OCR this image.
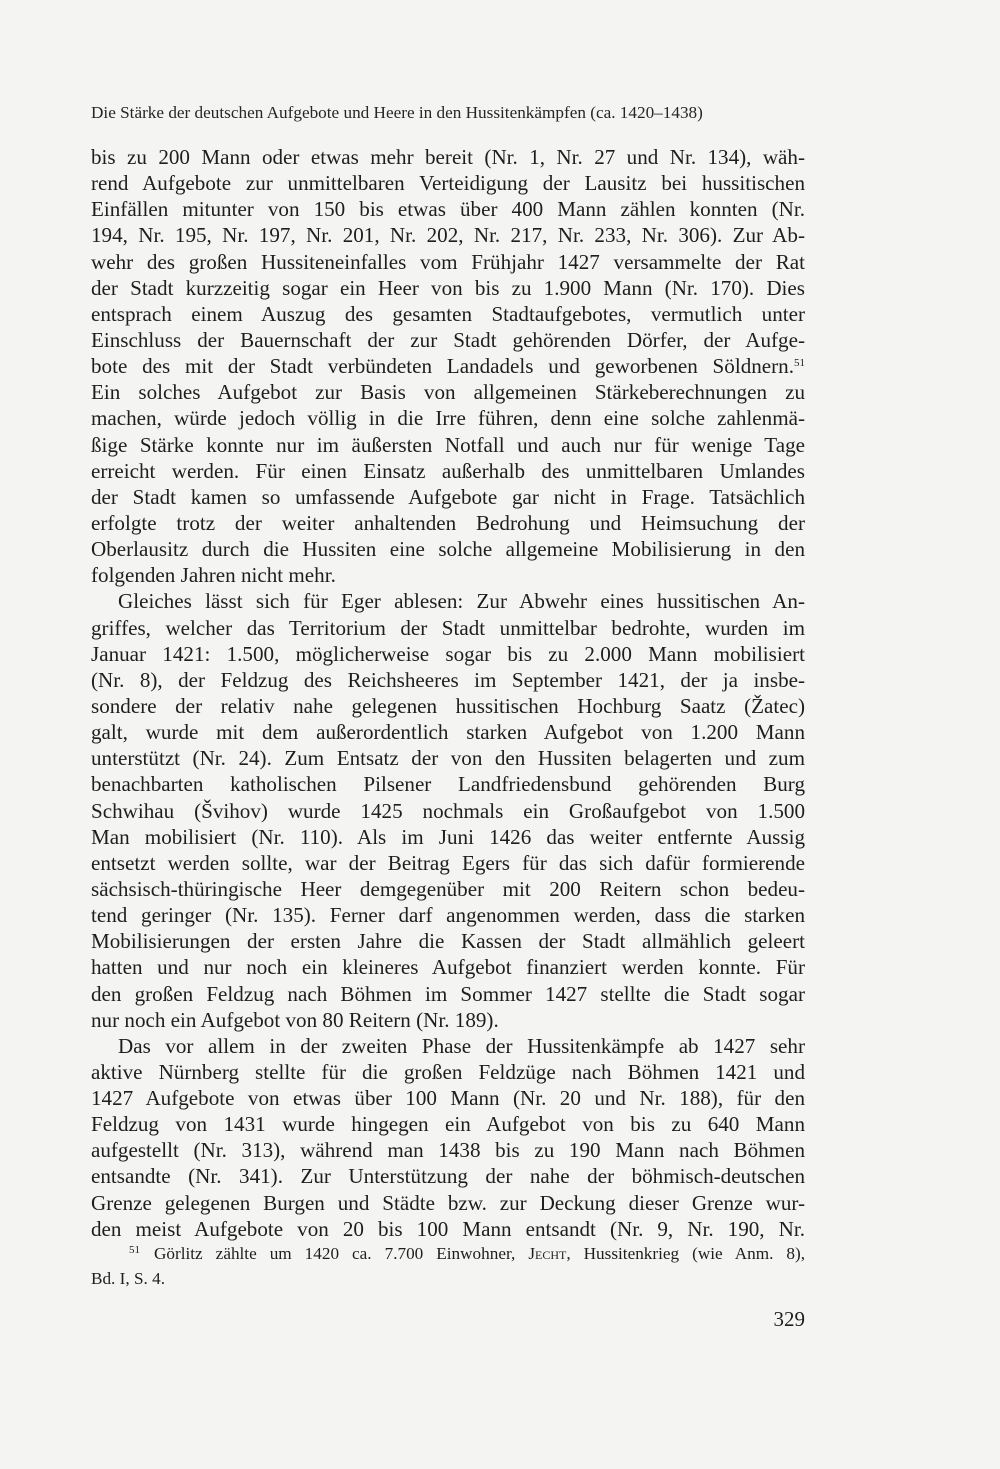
Die Stärke der deutschen Aufgebote und Heere in den Hussitenkämpfen (ca. 1420–1438)
bis zu 200 Mann oder etwas mehr bereit (Nr. 1, Nr. 27 und Nr. 134), wäh-
rend Aufgebote zur unmittelbaren Verteidigung der Lausitz bei hussitischen
Einfällen mitunter von 150 bis etwas über 400 Mann zählen konnten (Nr.
194, Nr. 195, Nr. 197, Nr. 201, Nr. 202, Nr. 217, Nr. 233, Nr. 306). Zur Ab-
wehr des großen Hussiteneinfalles vom Frühjahr 1427 versammelte der Rat
der Stadt kurzzeitig sogar ein Heer von bis zu 1.900 Mann (Nr. 170). Dies
entsprach einem Auszug des gesamten Stadtaufgebotes, vermutlich unter
Einschluss der Bauernschaft der zur Stadt gehörenden Dörfer, der Aufge-
bote des mit der Stadt verbündeten Landadels und geworbenen Söldnern.$^{51}$
Ein solches Aufgebot zur Basis von allgemeinen Stärkeberechnungen zu
machen, würde jedoch völlig in die Irre führen, denn eine solche zahlenmä-
ßige Stärke konnte nur im äußersten Notfall und auch nur für wenige Tage
erreicht werden. Für einen Einsatz außerhalb des unmittelbaren Umlandes
der Stadt kamen so umfassende Aufgebote gar nicht in Frage. Tatsächlich
erfolgte trotz der weiter anhaltenden Bedrohung und Heimsuchung der
Oberlausitz durch die Hussiten eine solche allgemeine Mobilisierung in den
folgenden Jahren nicht mehr.
Gleiches lässt sich für Eger ablesen: Zur Abwehr eines hussitischen An-
griffes, welcher das Territorium der Stadt unmittelbar bedrohte, wurden im
Januar 1421: 1.500, möglicherweise sogar bis zu 2.000 Mann mobilisiert
(Nr. 8), der Feldzug des Reichsheeres im September 1421, der ja insbe-
sondere der relativ nahe gelegenen hussitischen Hochburg Saatz (Žatec)
galt, wurde mit dem außerordentlich starken Aufgebot von 1.200 Mann
unterstützt (Nr. 24). Zum Entsatz der von den Hussiten belagerten und zum
benachbarten katholischen Pilsener Landfriedensbund gehörenden Burg
Schwihau (Švihov) wurde 1425 nochmals ein Großaufgebot von 1.500
Man mobilisiert (Nr. 110). Als im Juni 1426 das weiter entfernte Aussig
entsetzt werden sollte, war der Beitrag Egers für das sich dafür formierende
sächsisch-thüringische Heer demgegenüber mit 200 Reitern schon bedeu-
tend geringer (Nr. 135). Ferner darf angenommen werden, dass die starken
Mobilisierungen der ersten Jahre die Kassen der Stadt allmählich geleert
hatten und nur noch ein kleineres Aufgebot finanziert werden konnte. Für
den großen Feldzug nach Böhmen im Sommer 1427 stellte die Stadt sogar
nur noch ein Aufgebot von 80 Reitern (Nr. 189).
Das vor allem in der zweiten Phase der Hussitenkämpfe ab 1427 sehr
aktive Nürnberg stellte für die großen Feldzüge nach Böhmen 1421 und
1427 Aufgebote von etwas über 100 Mann (Nr. 20 und Nr. 188), für den
Feldzug von 1431 wurde hingegen ein Aufgebot von bis zu 640 Mann
aufgestellt (Nr. 313), während man 1438 bis zu 190 Mann nach Böhmen
entsandte (Nr. 341). Zur Unterstützung der nahe der böhmisch-deutschen
Grenze gelegenen Burgen und Städte bzw. zur Deckung dieser Grenze wur-
den meist Aufgebote von 20 bis 100 Mann entsandt (Nr. 9, Nr. 190, Nr.
$^{51}$ Görlitz zählte um 1420 ca. 7.700 Einwohner, Jecht, Hussitenkrieg (wie Anm. 8),
Bd. I, S. 4.
329
